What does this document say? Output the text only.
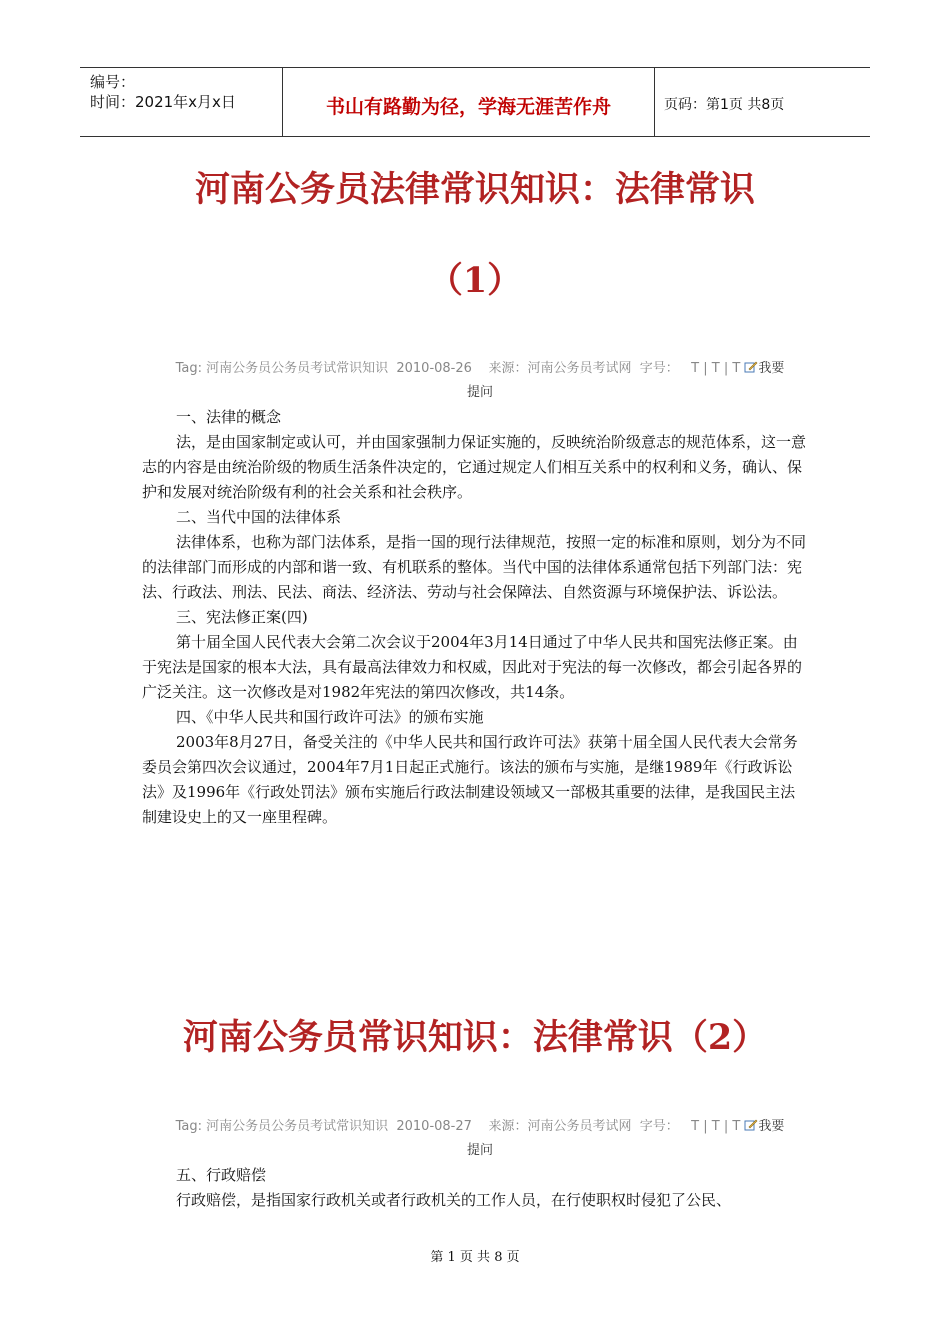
编号：
时间：2021年x月x日	书山有路勤为径，学海无涯苦作舟	页码：第1页 共8页
河南公务员法律常识知识：法律常识
（1）
Tag: 河南公务员公务员考试常识知识 2010-08-26 来源：河南公务员考试网 字号： T | T | T 我要
提问

一、法律的概念

法，是由国家制定或认可，并由国家强制力保证实施的，反映统治阶级意志的规范体系，这一意志的内容是由统治阶级的物质生活条件决定的，它通过规定人们相互关系中的权利和义务，确认、保护和发展对统治阶级有利的社会关系和社会秩序。

二、当代中国的法律体系

法律体系，也称为部门法体系，是指一国的现行法律规范，按照一定的标准和原则，划分为不同的法律部门而形成的内部和谐一致、有机联系的整体。当代中国的法律体系通常包括下列部门法：宪法、行政法、刑法、民法、商法、经济法、劳动与社会保障法、自然资源与环境保护法、诉讼法。

三、宪法修正案(四)

第十届全国人民代表大会第二次会议于2004年3月14日通过了中华人民共和国宪法修正案。由于宪法是国家的根本大法，具有最高法律效力和权威，因此对于宪法的每一次修改，都会引起各界的广泛关注。这一次修改是对1982年宪法的第四次修改，共14条。

四、《中华人民共和国行政许可法》的颁布实施

2003年8月27日，备受关注的《中华人民共和国行政许可法》获第十届全国人民代表大会常务委员会第四次会议通过，2004年7月1日起正式施行。该法的颁布与实施，是继1989年《行政诉讼法》及1996年《行政处罚法》颁布实施后行政法制建设领域又一部极其重要的法律，是我国民主法制建设史上的又一座里程碑。

河南公务员常识知识：法律常识（2）
Tag: 河南公务员公务员考试常识知识 2010-08-27 来源：河南公务员考试网 字号： T | T | T 我要
提问

五、行政赔偿

行政赔偿，是指国家行政机关或者行政机关的工作人员，在行使职权时侵犯了公民、

第 1 页 共 8 页
